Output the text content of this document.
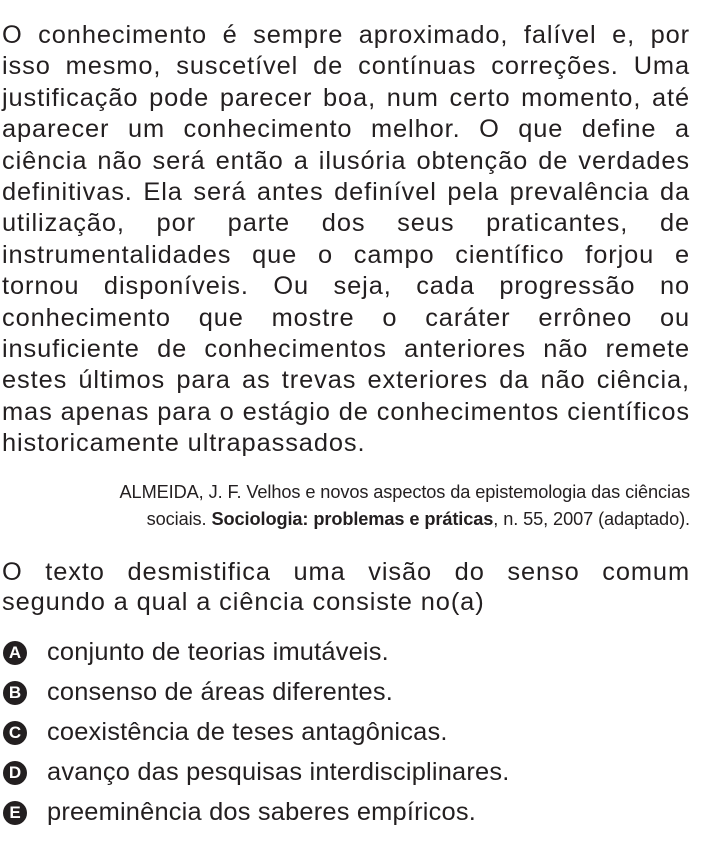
O conhecimento é sempre aproximado, falível e, por isso mesmo, suscetível de contínuas correções. Uma justificação pode parecer boa, num certo momento, até aparecer um conhecimento melhor. O que define a ciência não será então a ilusória obtenção de verdades definitivas. Ela será antes definível pela prevalência da utilização, por parte dos seus praticantes, de instrumentalidades que o campo científico forjou e tornou disponíveis. Ou seja, cada progressão no conhecimento que mostre o caráter errôneo ou insuficiente de conhecimentos anteriores não remete estes últimos para as trevas exteriores da não ciência, mas apenas para o estágio de conhecimentos científicos historicamente ultrapassados.

ALMEIDA, J. F. Velhos e novos aspectos da epistemologia das ciências
sociais. Sociologia: problemas e práticas, n. 55, 2007 (adaptado).

O texto desmistifica uma visão do senso comum segundo a qual a ciência consiste no(a)

A conjunto de teorias imutáveis.
B consenso de áreas diferentes.
C coexistência de teses antagônicas.
D avanço das pesquisas interdisciplinares.
E preeminência dos saberes empíricos.
